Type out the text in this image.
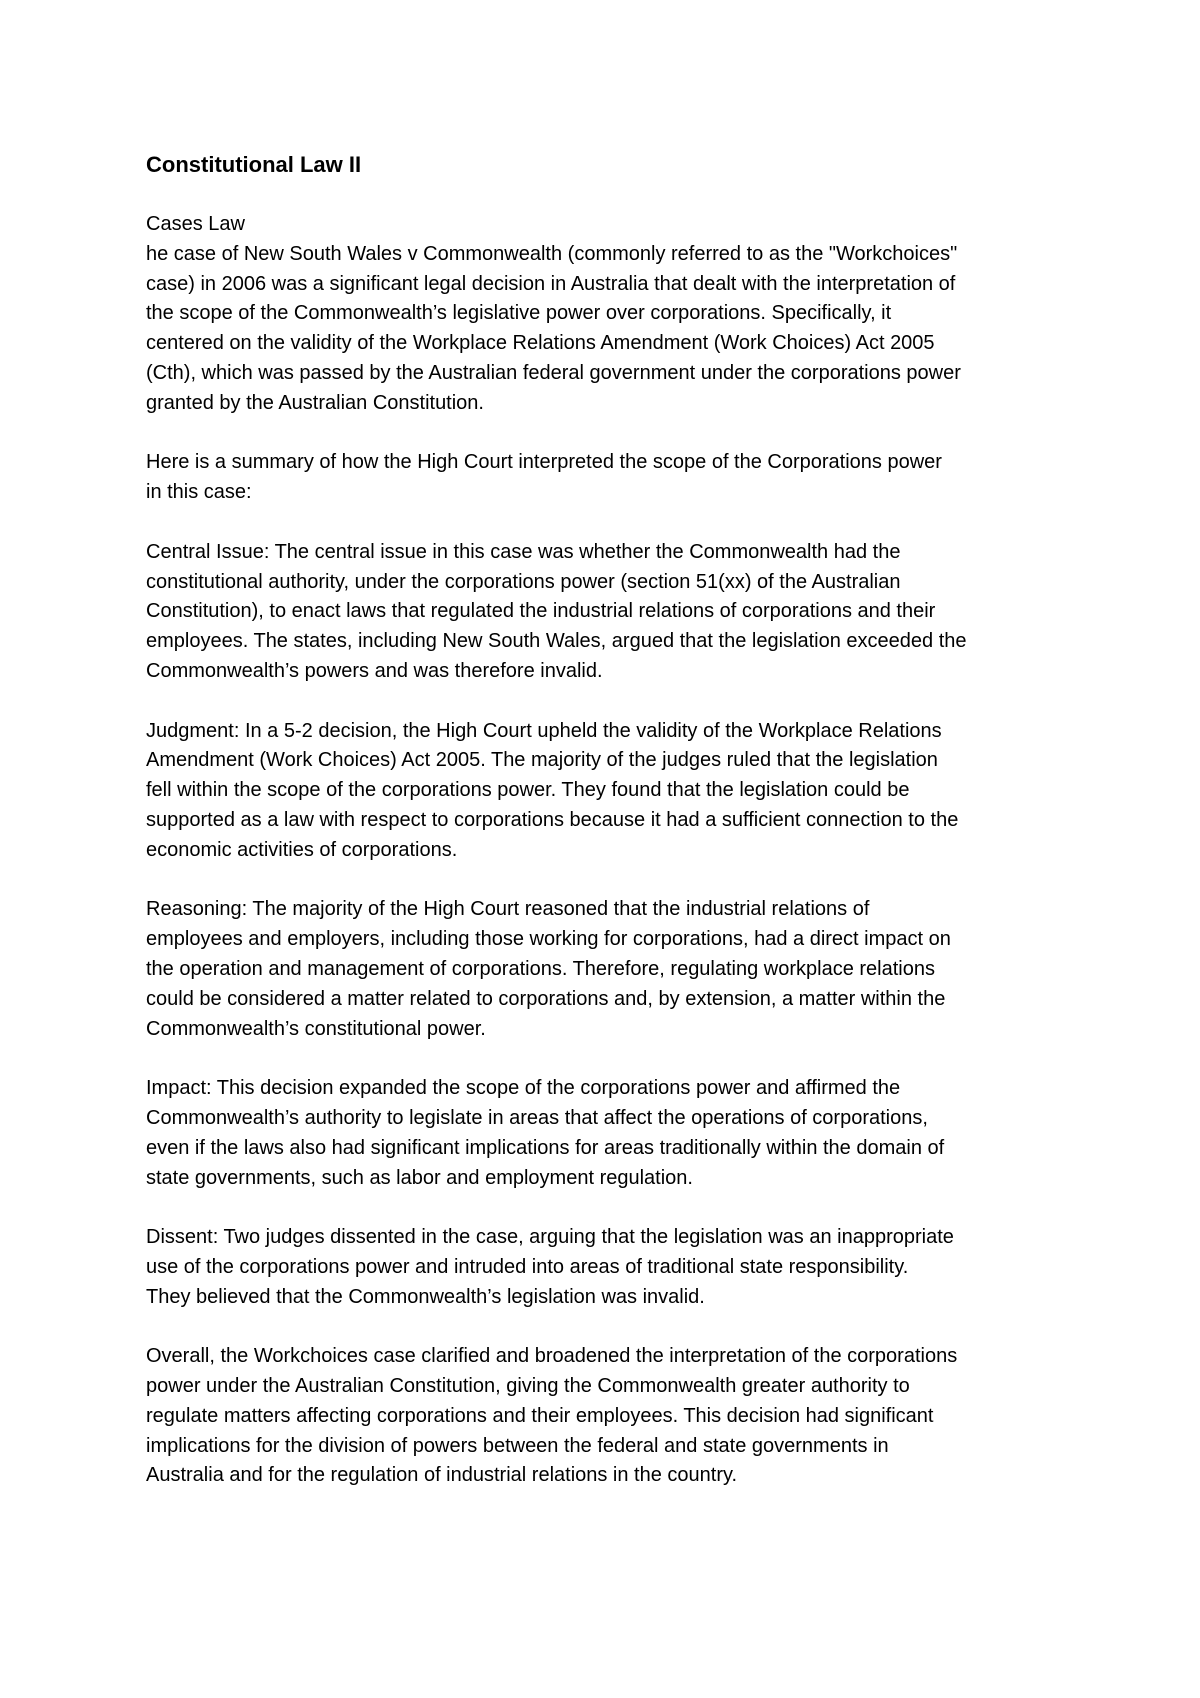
Constitutional Law II
Cases Law
he case of New South Wales v Commonwealth (commonly referred to as the "Workchoices"
case) in 2006 was a significant legal decision in Australia that dealt with the interpretation of
the scope of the Commonwealth’s legislative power over corporations. Specifically, it
centered on the validity of the Workplace Relations Amendment (Work Choices) Act 2005
(Cth), which was passed by the Australian federal government under the corporations power
granted by the Australian Constitution.
Here is a summary of how the High Court interpreted the scope of the Corporations power
in this case:
Central Issue: The central issue in this case was whether the Commonwealth had the
constitutional authority, under the corporations power (section 51(xx) of the Australian
Constitution), to enact laws that regulated the industrial relations of corporations and their
employees. The states, including New South Wales, argued that the legislation exceeded the
Commonwealth’s powers and was therefore invalid.
Judgment: In a 5-2 decision, the High Court upheld the validity of the Workplace Relations
Amendment (Work Choices) Act 2005. The majority of the judges ruled that the legislation
fell within the scope of the corporations power. They found that the legislation could be
supported as a law with respect to corporations because it had a sufficient connection to the
economic activities of corporations.
Reasoning: The majority of the High Court reasoned that the industrial relations of
employees and employers, including those working for corporations, had a direct impact on
the operation and management of corporations. Therefore, regulating workplace relations
could be considered a matter related to corporations and, by extension, a matter within the
Commonwealth’s constitutional power.
Impact: This decision expanded the scope of the corporations power and affirmed the
Commonwealth’s authority to legislate in areas that affect the operations of corporations,
even if the laws also had significant implications for areas traditionally within the domain of
state governments, such as labor and employment regulation.
Dissent: Two judges dissented in the case, arguing that the legislation was an inappropriate
use of the corporations power and intruded into areas of traditional state responsibility.
They believed that the Commonwealth’s legislation was invalid.
Overall, the Workchoices case clarified and broadened the interpretation of the corporations
power under the Australian Constitution, giving the Commonwealth greater authority to
regulate matters affecting corporations and their employees. This decision had significant
implications for the division of powers between the federal and state governments in
Australia and for the regulation of industrial relations in the country.
